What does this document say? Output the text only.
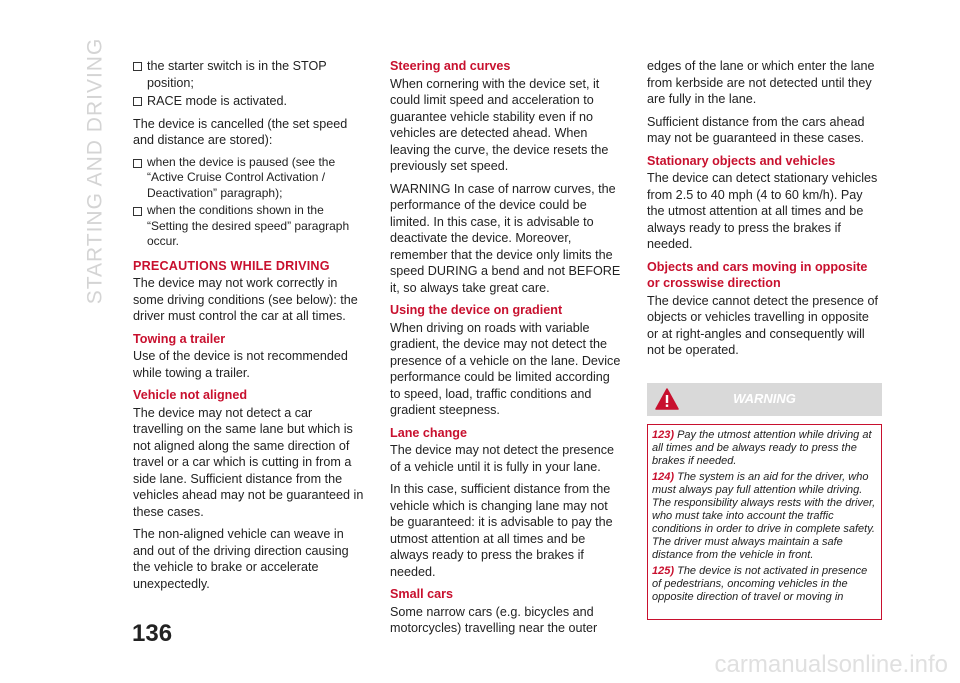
STARTING AND DRIVING	the starter switch is in the STOP position;
RACE mode is activated.

The device is cancelled (the set speed and distance are stored):

when the device is paused (see the “Active Cruise Control Activation / Deactivation” paragraph);
when the conditions shown in the “Setting the desired speed” paragraph occur.
PRECAUTIONS WHILE DRIVING

The device may not work correctly in some driving conditions (see below): the driver must control the car at all times.

Towing a trailer

Use of the device is not recommended while towing a trailer.

Vehicle not aligned

The device may not detect a car travelling on the same lane but which is not aligned along the same direction of travel or a car which is cutting in from a side lane. Sufficient distance from the vehicles ahead may not be guaranteed in these cases.

The non-aligned vehicle can weave in and out of the driving direction causing the vehicle to brake or accelerate unexpectedly.

Steering and curves

When cornering with the device set, it could limit speed and acceleration to guarantee vehicle stability even if no vehicles are detected ahead. When leaving the curve, the device resets the previously set speed.

WARNING In case of narrow curves, the performance of the device could be limited. In this case, it is advisable to deactivate the device. Moreover, remember that the device only limits the speed DURING a bend and not BEFORE it, so always take great care.

Using the device on gradient

When driving on roads with variable gradient, the device may not detect the presence of a vehicle on the lane. Device performance could be limited according to speed, load, traffic conditions and gradient steepness.

Lane change

The device may not detect the presence of a vehicle until it is fully in your lane.

In this case, sufficient distance from the vehicle which is changing lane may not be guaranteed: it is advisable to pay the utmost attention at all times and be always ready to press the brakes if needed.

Small cars

Some narrow cars (e.g. bicycles and motorcycles) travelling near the outer

edges of the lane or which enter the lane from kerbside are not detected until they are fully in the lane.

Sufficient distance from the cars ahead may not be guaranteed in these cases.

Stationary objects and vehicles

The device can detect stationary vehicles from 2.5 to 40 mph (4 to 60 km/h). Pay the utmost attention at all times and be always ready to press the brakes if needed.

Objects and cars moving in opposite or crosswise direction

The device cannot detect the presence of objects or vehicles travelling in opposite or at right-angles and consequently will not be operated.

WARNING

123) Pay the utmost attention while driving at all times and be always ready to press the brakes if needed.

124) The system is an aid for the driver, who must always pay full attention while driving. The responsibility always rests with the driver, who must take into account the traffic conditions in order to drive in complete safety. The driver must always maintain a safe distance from the vehicle in front.

125) The device is not activated in presence of pedestrians, oncoming vehicles in the opposite direction of travel or moving in

136
carmanualsonline.info
